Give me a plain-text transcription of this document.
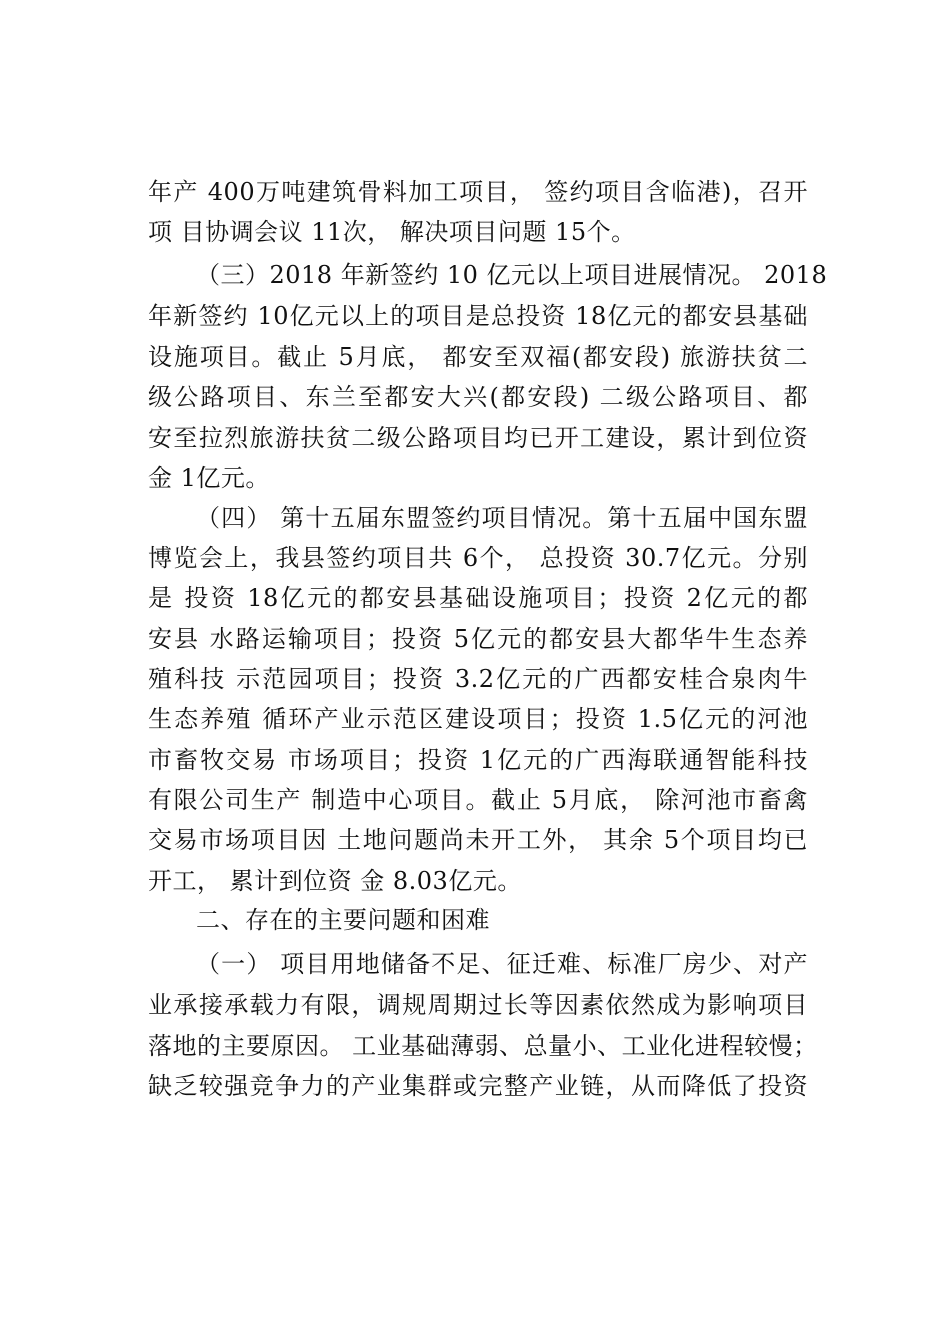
年产 400万吨建筑骨料加工项目， 签约项目含临港)，召开
项 目协调会议 11次， 解决项目问题 15个。
（三）2018 年新签约 10 亿元以上项目进展情况。 2018
年新签约 10亿元以上的项目是总投资 18亿元的都安县基础
设施项目。截止 5月底， 都安至双福(都安段) 旅游扶贫二
级公路项目、东兰至都安大兴(都安段) 二级公路项目、都
安至拉烈旅游扶贫二级公路项目均已开工建设，累计到位资
金 1亿元。
（四） 第十五届东盟签约项目情况。第十五届中国东盟
博览会上，我县签约项目共 6个， 总投资 30.7亿元。分别
是 投资 18亿元的都安县基础设施项目；投资 2亿元的都
安县 水路运输项目；投资 5亿元的都安县大都华牛生态养
殖科技 示范园项目；投资 3.2亿元的广西都安桂合泉肉牛
生态养殖 循环产业示范区建设项目；投资 1.5亿元的河池
市畜牧交易 市场项目；投资 1亿元的广西海联通智能科技
有限公司生产 制造中心项目。截止 5月底， 除河池市畜禽
交易市场项目因 土地问题尚未开工外， 其余 5个项目均已
开工， 累计到位资 金 8.03亿元。
二、存在的主要问题和困难
（一） 项目用地储备不足、征迁难、标准厂房少、对产
业承接承载力有限，调规周期过长等因素依然成为影响项目
落地的主要原因。 工业基础薄弱、总量小、工业化进程较慢；
缺乏较强竞争力的产业集群或完整产业链，从而降低了投资
